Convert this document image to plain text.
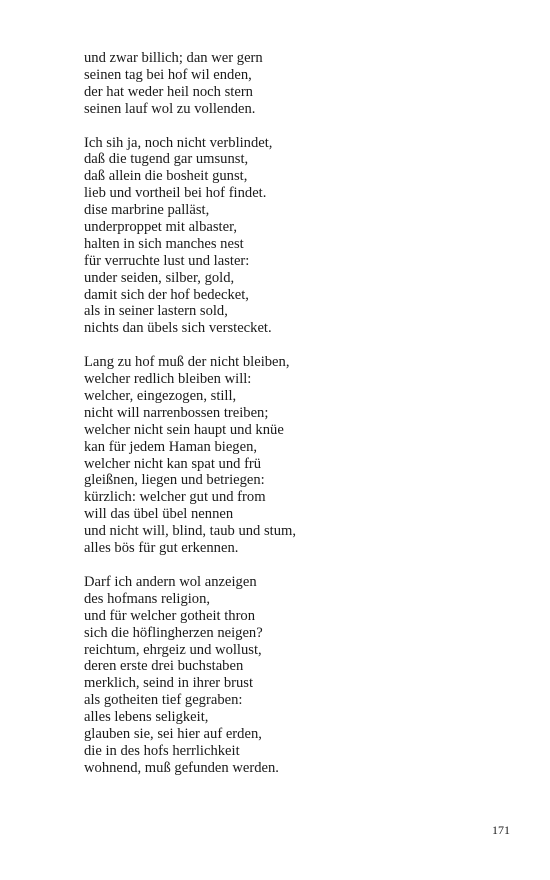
und zwar billich; dan wer gern
seinen tag bei hof wil enden,
der hat weder heil noch stern
seinen lauf wol zu vollenden.
Ich sih ja, noch nicht verblindet,
daß die tugend gar umsunst,
daß allein die bosheit gunst,
lieb und vortheil bei hof findet.
dise marbrine palläst,
underproppet mit albaster,
halten in sich manches nest
für verruchte lust und laster:
under seiden, silber, gold,
damit sich der hof bedecket,
als in seiner lastern sold,
nichts dan übels sich verstecket.
Lang zu hof muß der nicht bleiben,
welcher redlich bleiben will:
welcher, eingezogen, still,
nicht will narrenbossen treiben;
welcher nicht sein haupt und knüe
kan für jedem Haman biegen,
welcher nicht kan spat und frü
gleißnen, liegen und betriegen:
kürzlich: welcher gut und from
will das übel übel nennen
und nicht will, blind, taub und stum,
alles bös für gut erkennen.
Darf ich andern wol anzeigen
des hofmans religion,
und für welcher gotheit thron
sich die höflingherzen neigen?
reichtum, ehrgeiz und wollust,
deren erste drei buchstaben
merklich, seind in ihrer brust
als gotheiten tief gegraben:
alles lebens seligkeit,
glauben sie, sei hier auf erden,
die in des hofs herrlichkeit
wohnend, muß gefunden werden.
171
